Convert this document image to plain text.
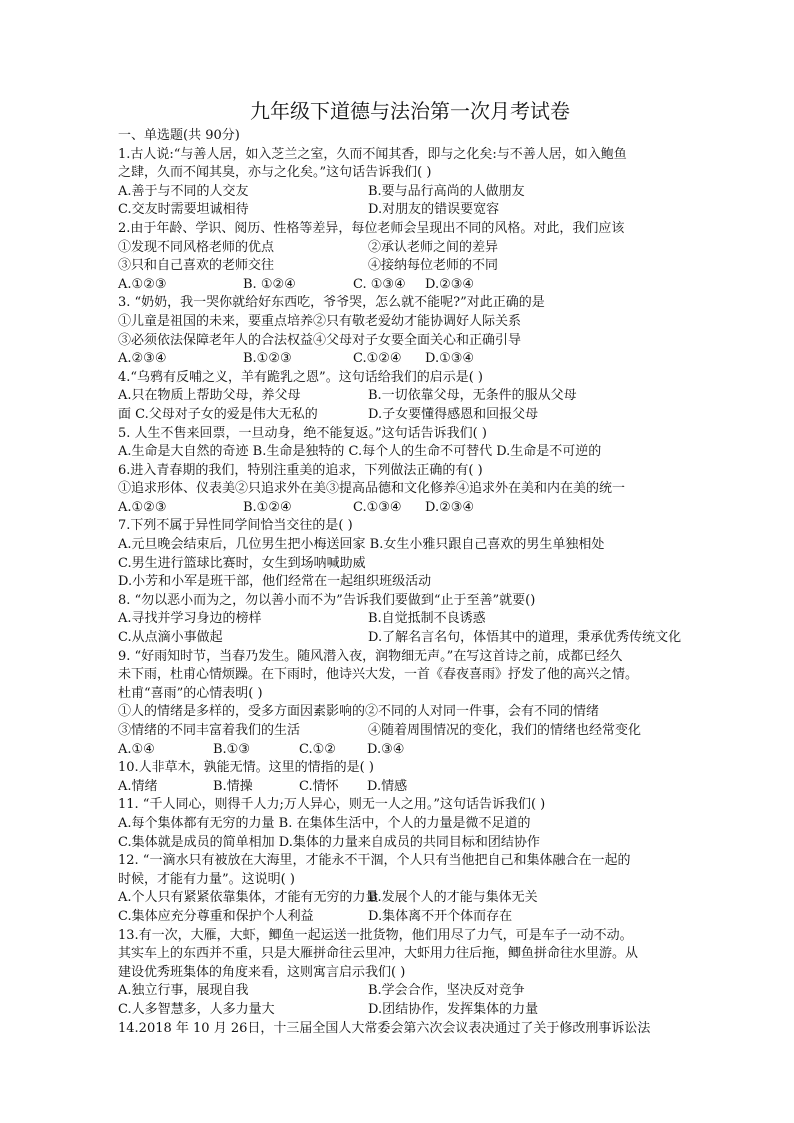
九年级下道德与法治第一次月考试卷
一、单选题(共 90分)
1.古人说:“与善人居，如入芝兰之室，久而不闻其香，即与之化矣:与不善人居，如入鲍鱼
之肆，久而不闻其臭，亦与之化矣。”这句话告诉我们( )
A.善于与不同的人交友	B.要与品行高尚的人做朋友
C.交友时需要坦诚相待	D.对朋友的错误要宽容
2.由于年龄、学识、阅历、性格等差异，每位老师会呈现出不同的风格。对此，我们应该
①发现不同风格老师的优点	②承认老师之间的差异
③只和自己喜欢的老师交往	④接纳每位老师的不同
A.①②③	B. ①②④	C. ①③④ D.②③④
3. “奶奶，我一哭你就给好东西吃，爷爷哭，怎么就不能呢?”对此正确的是
①儿童是祖国的未来，要重点培养②只有敬老爱幼才能协调好人际关系
③必须依法保障老年人的合法权益④父母对子女要全面关心和正确引导
A.②③④	B.①②③	C.①②④ D.①③④
4.“乌鸦有反哺之义，羊有跪乳之恩”。这句话给我们的启示是( )
A.只在物质上帮助父母，养父母	B.一切依靠父母，无条件的服从父母
面 C.父母对子女的爱是伟大无私的	D.子女要懂得感恩和回报父母
5. 人生不售来回票，一旦动身，绝不能复返。”这句话告诉我们( )
A.生命是大自然的奇迹 B.生命是独特的 C.每个人的生命不可替代 D.生命是不可逆的
6.进入青春期的我们，特别注重美的追求，下列做法正确的有( )
①追求形体、仪表美②只追求外在美③提高品德和文化修养④追求外在美和内在美的统一
A.①②③	B.①②④	C.①③④ D.②③④
7.下列不属于异性同学间恰当交往的是( )
A.元旦晚会结束后，几位男生把小梅送回家 B.女生小雅只跟自己喜欢的男生单独相处
C.男生进行篮球比赛时，女生到场呐喊助威
D.小芳和小军是班干部，他们经常在一起组织班级活动
8. “勿以恶小而为之，勿以善小而不为”告诉我们要做到“止于至善”就要()
A.寻找并学习身边的榜样	B.自觉抵制不良诱惑
C.从点滴小事做起	D.了解名言名句，体悟其中的道理，秉承优秀传统文化
9. “好雨知时节，当春乃发生。随风潜入夜，润物细无声。”在写这首诗之前，成都已经久
未下雨，杜甫心情烦躁。在下雨时，他诗兴大发，一首《春夜喜雨》抒发了他的高兴之情。
杜甫“喜雨”的心情表明( )
①人的情绪是多样的，受多方面因素影响的②不同的人对同一件事，会有不同的情绪
③情绪的不同丰富着我们的生活	④随着周围情况的变化，我们的情绪也经常变化
A.①④	B.①③	C.①② D.③④
10.人非草木，孰能无情。这里的情指的是( )
A.情绪	B.情操	C.情怀 D.情感
11. “千人同心，则得千人力;万人异心，则无一人之用。”这句话告诉我们( )
A.每个集体都有无穷的力量 B. 在集体生活中，个人的力量是微不足道的
C.集体就是成员的简单相加 D.集体的力量来自成员的共同目标和团结协作
12. “一滴水只有被放在大海里，才能永不干涸，个人只有当他把自己和集体融合在一起的
时候，才能有力量”。这说明( )
A.个人只有紧紧依靠集体，才能有无穷的力量
B.发展个人的才能与集体无关
C.集体应充分尊重和保护个人利益	D.集体离不开个体而存在
13.有一次，大雁，大虾，鲫鱼一起运送一批货物，他们用尽了力气，可是车子一动不动。
其实车上的东西并不重，只是大雁拼命往云里冲，大虾用力往后拖，鲫鱼拼命往水里游。从
建设优秀班集体的角度来看，这则寓言启示我们( )
A.独立行事，展现自我	B.学会合作，坚决反对竞争
C.人多智慧多，人多力量大	D.团结协作，发挥集体的力量
14.2018 年 10 月 26日，十三届全国人大常委会第六次会议表决通过了关于修改刑事诉讼法
